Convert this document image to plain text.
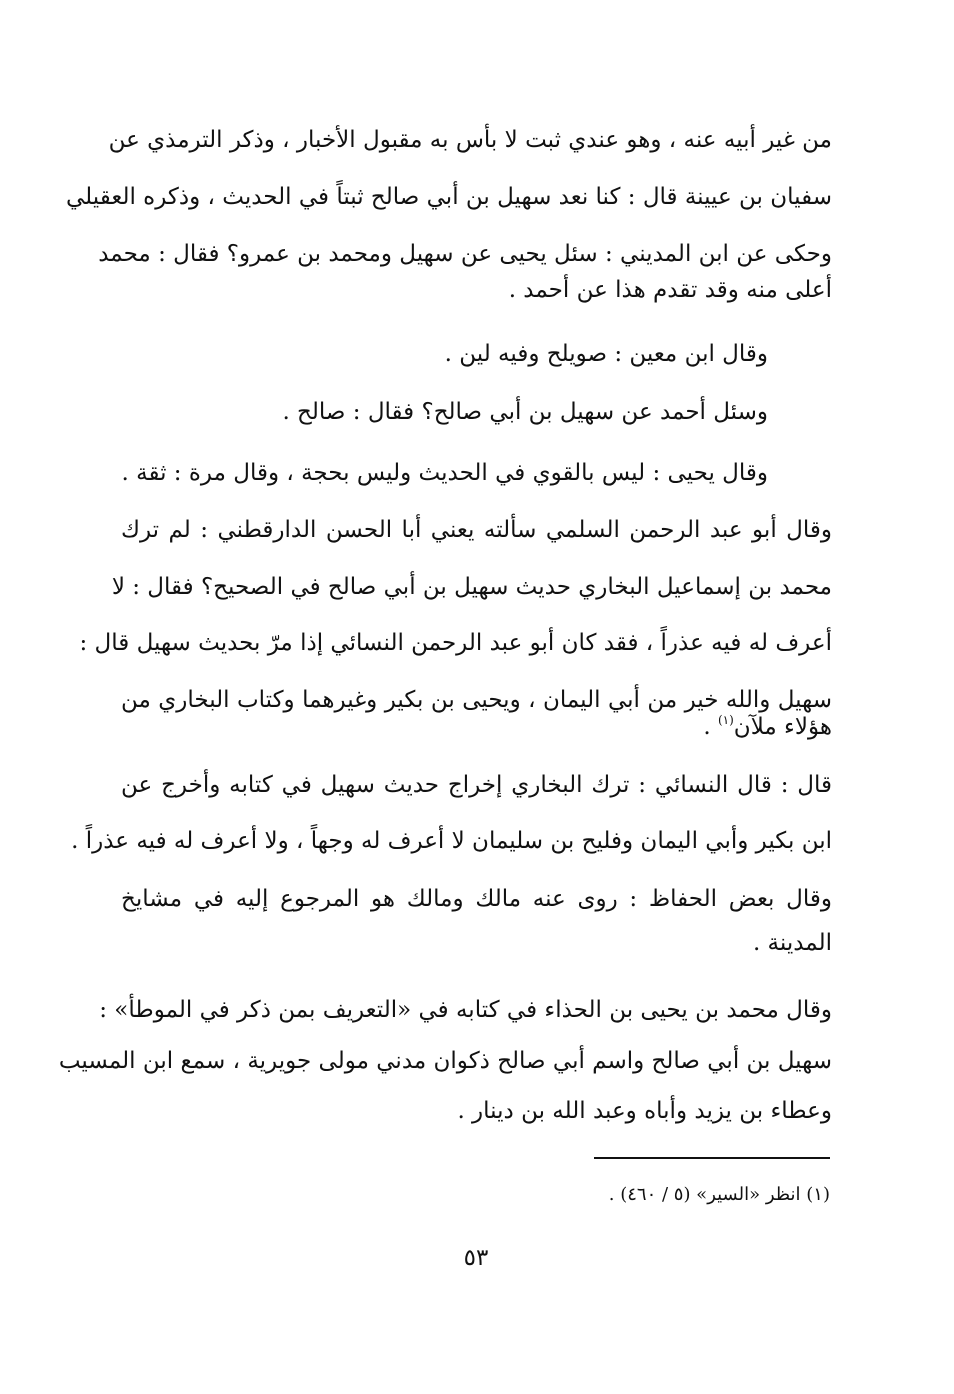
من غير أبيه عنه ، وهو عندي ثبت لا بأس به مقبول الأخبار ، وذكر الترمذي عن
سفيان بن عيينة قال : كنا نعد سهيل بن أبي صالح ثبتاً في الحديث ، وذكره العقيلي
وحكى عن ابن المديني : سئل يحيى عن سهيل ومحمد بن عمرو؟ فقال : محمد
أعلى منه وقد تقدم هذا عن أحمد .
وقال ابن معين : صويلح وفيه لين .
وسئل أحمد عن سهيل بن أبي صالح؟ فقال : صالح .
وقال يحيى : ليس بالقوي في الحديث وليس بحجة ، وقال مرة : ثقة .
وقال أبو عبد الرحمن السلمي سألته يعني أبا الحسن الدارقطني : لم ترك
محمد بن إسماعيل البخاري حديث سهيل بن أبي صالح في الصحيح؟ فقال : لا
أعرف له فيه عذراً ، فقد كان أبو عبد الرحمن النسائي إذا مرّ بحديث سهيل قال :
سهيل والله خير من أبي اليمان ، ويحيى بن بكير وغيرهما وكتاب البخاري من
هؤلاء ملآن$^{(١)}$ .
قال : قال النسائي : ترك البخاري إخراج حديث سهيل في كتابه وأخرج عن
ابن بكير وأبي اليمان وفليح بن سليمان لا أعرف له وجهاً ، ولا أعرف له فيه عذراً .
وقال بعض الحفاظ : روى عنه مالك ومالك هو المرجوع إليه في مشايخ
المدينة .
وقال محمد بن يحيى بن الحذاء في كتابه في «التعريف بمن ذكر في الموطأ» :
سهيل بن أبي صالح واسم أبي صالح ذكوان مدني مولى جويرية ، سمع ابن المسيب
وعطاء بن يزيد وأباه وعبد الله بن دينار .
(١) انظر «السير» (٥ / ٤٦٠) .
٥٣
